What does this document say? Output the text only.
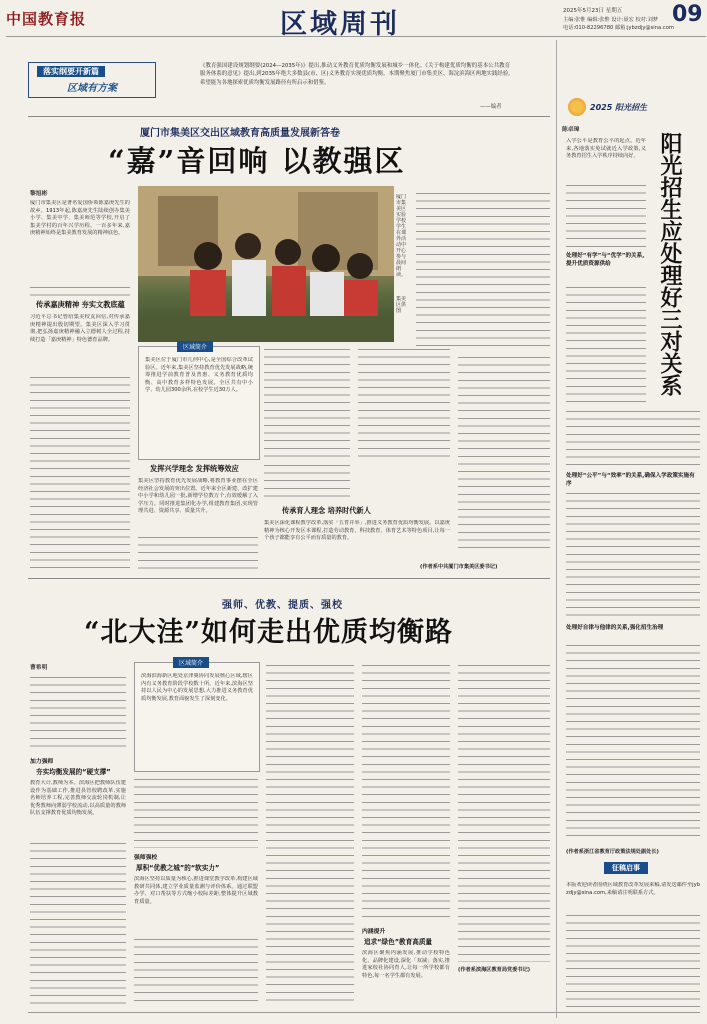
中国教育报	区域周刊	2025年5月23日 星期五
主编:张惟 编辑:张惟 设计:聂宏 校对:刘梦
电话:010-82296780 邮箱:jybzdjy@sina.com
09
落实纲要开新篇
区域有方案
《教育强国建设规划纲要(2024—2035年)》提出,推动义务教育优质均衡发展和城乡一体化。《关于构建优质均衡的基本公共教育服务体系的意见》提出,到2035年绝大多数县(市、区)义务教育实现优质均衡。本期聚焦厦门市集美区、海淀滨海区两地实践经验,希望能为各地探索优质均衡发展路径有所启示和借鉴。
——编者
厦门市集美区交出区域教育高质量发展新答卷
“嘉”音回响 以教强区
黎旭彬
厦门市集美区是著名爱国侨领陈嘉庚先生的故乡。1913年起,陈嘉庚先生陆续创办集美小学、集美中学、集美师范等学校,开启了集美学村的百年兴学历程。一百多年来,嘉庚精神始终是集美教育发展的精神底色。
传承嘉庚精神 夯实文教底蕴
习近平总书记曾给集美校友回信,对传承嘉庚精神提出殷切期望。集美区深入学习贯彻,把弘扬嘉庚精神融入立德树人全过程,持续打造「嘉庚精神」特色德育品牌。
厦门市集美区实验学校学生在课外活动中开心参与晨间朗读。
集美区供图
区域简介
集美区位于厦门市几何中心,是全国综合改革试验区。近年来,集美区坚持教育优先发展战略,统筹推进学前教育普及普惠、义务教育优质均衡、高中教育多样特色发展。全区共有中小学、幼儿园300余所,在校学生近30万人。
发挥兴学理念 发挥统筹效应
集美区坚持教育优先发展战略,将教育事业摆在全区经济社会发展的突出位置。近年来全区新建、改扩建中小学和幼儿园一批,新增学位数万个,有效缓解了入学压力。同时推进集团化办学,组建教育集团,实现管理共进、资源共享、质量共升。	传承育人理念 培养时代新人
集美区深化课程教学改革,落实「五育并举」,推进义务教育优质均衡发展。以嘉庚精神为核心开发区本课程,打造劳动教育、科技教育、体育艺术等特色项目,让每一个孩子都能享有公平而有质量的教育。
(作者系中共厦门市集美区委书记)
强师、优教、提质、强校
“北大洼”如何走出优质均衡路
曹希明
加力强师
夯实均衡发展的“硬支撑”
教育大计,教师为本。滨海区把教师队伍建设作为基础工作,推进县管校聘改革,实施名师培养工程,完善教师交流轮岗机制,让优秀教师向薄弱学校流动,以高质量的教师队伍支撑教育优质均衡发展。
区域简介
滨海滨海新区地处京津冀协同发展核心区域,辖区内有义务教育阶段学校数十所。近年来,滨海区坚持以人民为中心的发展思想,大力推进义务教育优质均衡发展,教育面貌发生了深刻变化。
强师强校
厚积“优教之城”的“软实力”
滨海区坚持以质量为核心,推进课堂教学改革,构建区域教研共同体,建立学业质量监测与评价体系。通过联盟办学、对口帮扶等方式缩小校际差距,整体提升区域教育质量。
内涵提升
追求“绿色”教育高质量
滨海区聚焦内涵发展,推动学校特色化、品牌化建设,深化「双减」落实,推进家校社协同育人,让每一所学校都有特色,每一名学生都有发展。
(作者系滨海区教育局党委书记)
2025 阳光招生
陈卓璋
阳光招生应处理好三对关系
入学公平是教育公平的起点。近年来,各地落实免试就近入学政策,义务教育招生入学秩序持续向好。
处理好“有学”与“优学”的关系,提升优质资源供给
处理好“公平”与“效率”的关系,确保入学政策实施有序
处理好自律与他律的关系,强化招生治理
(作者系浙江省教育厅政策法规处副处长)
征稿启事
本版欢迎读者围绕区域教育改革发展来稿,请发送邮件至jybzdjy@sina.com,来稿请注明联系方式。
